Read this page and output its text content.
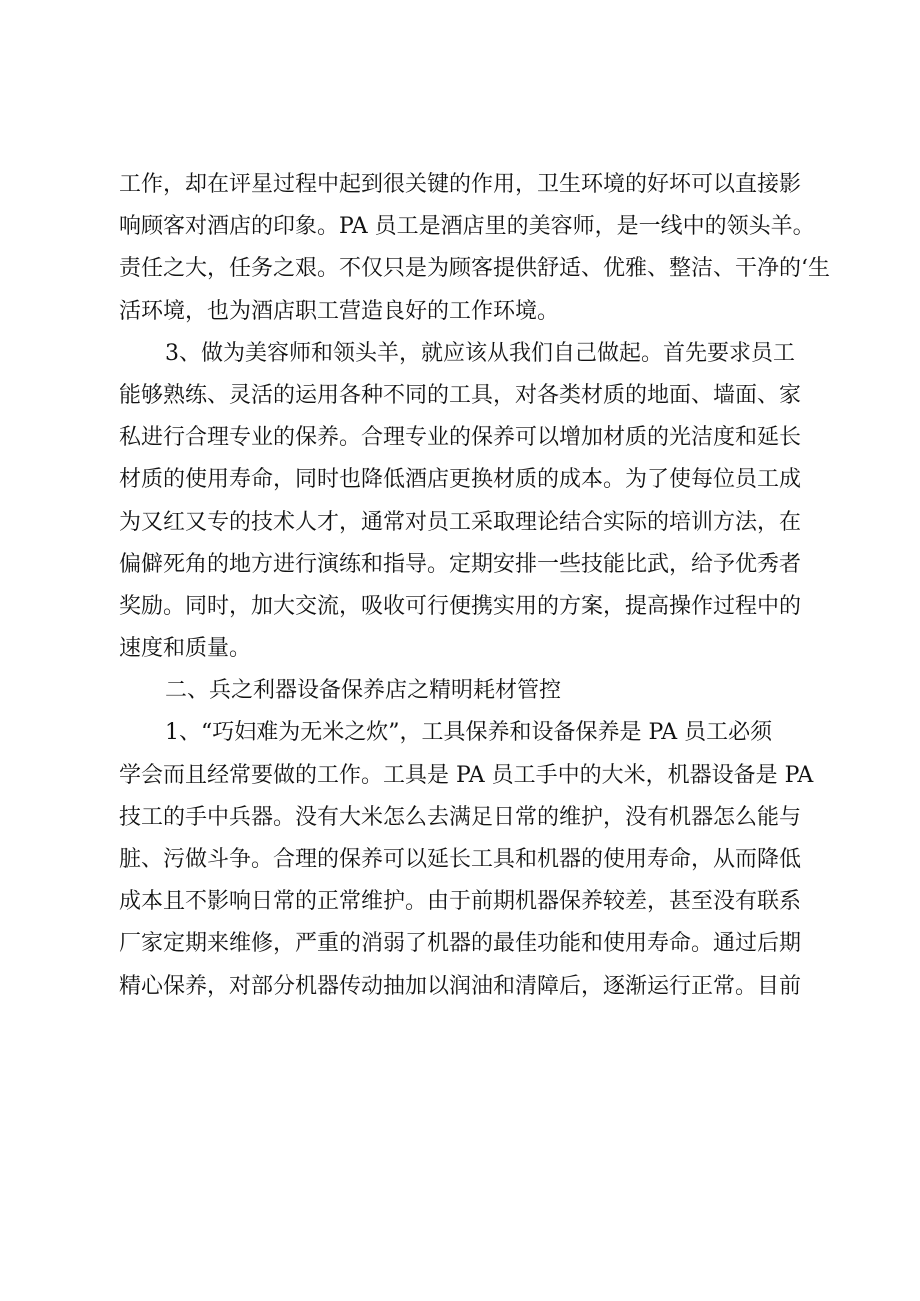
工作，却在评星过程中起到很关键的作用，卫生环境的好坏可以直接影
响顾客对酒店的印象。PA 员工是酒店里的美容师，是一线中的领头羊。
责任之大，任务之艰。不仅只是为顾客提供舒适、优雅、整洁、干净的‘生
活环境，也为酒店职工营造良好的工作环境。
3、做为美容师和领头羊，就应该从我们自己做起。首先要求员工
能够熟练、灵活的运用各种不同的工具，对各类材质的地面、墙面、家
私进行合理专业的保养。合理专业的保养可以增加材质的光洁度和延长
材质的使用寿命，同时也降低酒店更换材质的成本。为了使每位员工成
为又红又专的技术人才，通常对员工采取理论结合实际的培训方法，在
偏僻死角的地方进行演练和指导。定期安排一些技能比武，给予优秀者
奖励。同时，加大交流，吸收可行便携实用的方案，提高操作过程中的
速度和质量。
二、兵之利器设备保养店之精明耗材管控
1、“巧妇难为无米之炊”，工具保养和设备保养是 PA 员工必须
学会而且经常要做的工作。工具是 PA 员工手中的大米，机器设备是 PA
技工的手中兵器。没有大米怎么去满足日常的维护，没有机器怎么能与
脏、污做斗争。合理的保养可以延长工具和机器的使用寿命，从而降低
成本且不影响日常的正常维护。由于前期机器保养较差，甚至没有联系
厂家定期来维修，严重的消弱了机器的最佳功能和使用寿命。通过后期
精心保养，对部分机器传动抽加以润油和清障后，逐渐运行正常。目前
